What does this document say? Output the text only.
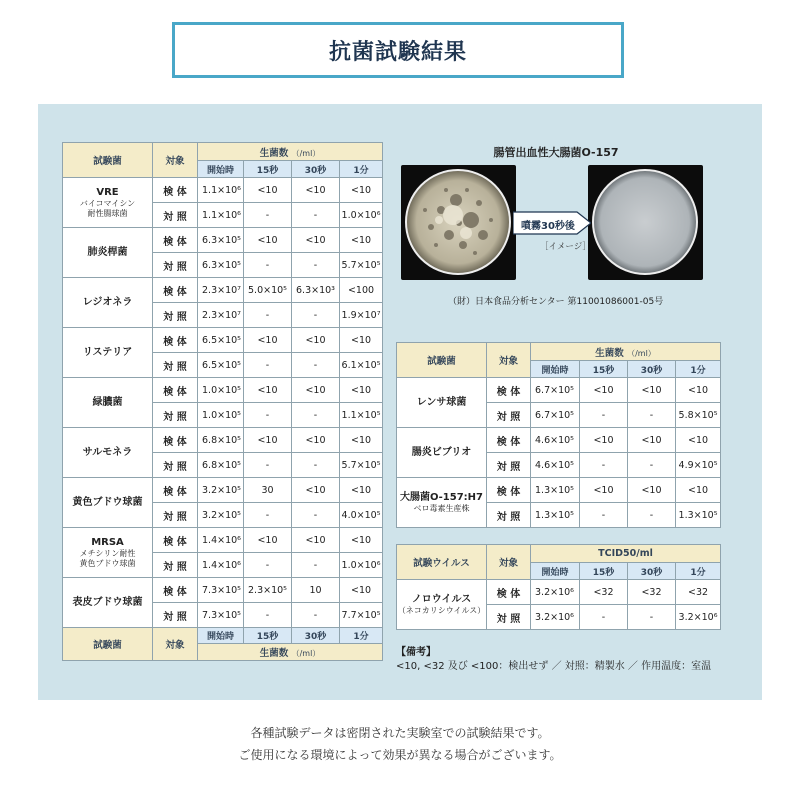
抗菌試験結果
試験菌	対象	生菌数 （/ml）			
		開始時	15秒	30秒	1分

VRE
バイコマイシン
耐性腸球菌	検 体	1.1×10⁶	<10	<10	<10
	対 照	1.1×10⁶	-	-	1.0×10⁶

肺炎桿菌	検 体	6.3×10⁵	<10	<10	<10
	対 照	6.3×10⁵	-	-	5.7×10⁵

レジオネラ	検 体	2.3×10⁷	5.0×10⁵	6.3×10³	<100
	対 照	2.3×10⁷	-	-	1.9×10⁷

リステリア	検 体	6.5×10⁵	<10	<10	<10
	対 照	6.5×10⁵	-	-	6.1×10⁵

緑膿菌	検 体	1.0×10⁵	<10	<10	<10
	対 照	1.0×10⁵	-	-	1.1×10⁵

サルモネラ	検 体	6.8×10⁵	<10	<10	<10
	対 照	6.8×10⁵	-	-	5.7×10⁵

黄色ブドウ球菌	検 体	3.2×10⁵	30	<10	<10
	対 照	3.2×10⁵	-	-	4.0×10⁵

MRSA
メチシリン耐性
黄色ブドウ球菌	検 体	1.4×10⁶	<10	<10	<10
	対 照	1.4×10⁶	-	-	1.0×10⁶

表皮ブドウ球菌	検 体	7.3×10⁵	2.3×10⁵	10	<10
	対 照	7.3×10⁵	-	-	7.7×10⁵
試験菌	対象	開始時	15秒	30秒	1分
		生菌数 （/ml）			
腸管出血性大腸菌O-157
噴霧30秒後
［イメージ］
（財）日本食品分析センター 第11001086001-05号
試験菌	対象	生菌数 （/ml）			
		開始時	15秒	30秒	1分

レンサ球菌	検 体	6.7×10⁵	<10	<10	<10
	対 照	6.7×10⁵	-	-	5.8×10⁵

腸炎ビブリオ	検 体	4.6×10⁵	<10	<10	<10
	対 照	4.6×10⁵	-	-	4.9×10⁵

大腸菌O-157:H7
ベロ毒素生産株	検 体	1.3×10⁵	<10	<10	<10
	対 照	1.3×10⁵	-	-	1.3×10⁵
試験ウイルス	対象	TCID50/ml			
		開始時	15秒	30秒	1分

ノロウイルス
（ネコカリシウイルス）	検 体	3.2×10⁶	<32	<32	<32
	対 照	3.2×10⁶	-	-	3.2×10⁶
【備考】
<10, <32 及び <100：検出せず ／ 対照：精製水 ／ 作用温度：室温
各種試験データは密閉された実験室での試験結果です。
ご使用になる環境によって効果が異なる場合がございます。
